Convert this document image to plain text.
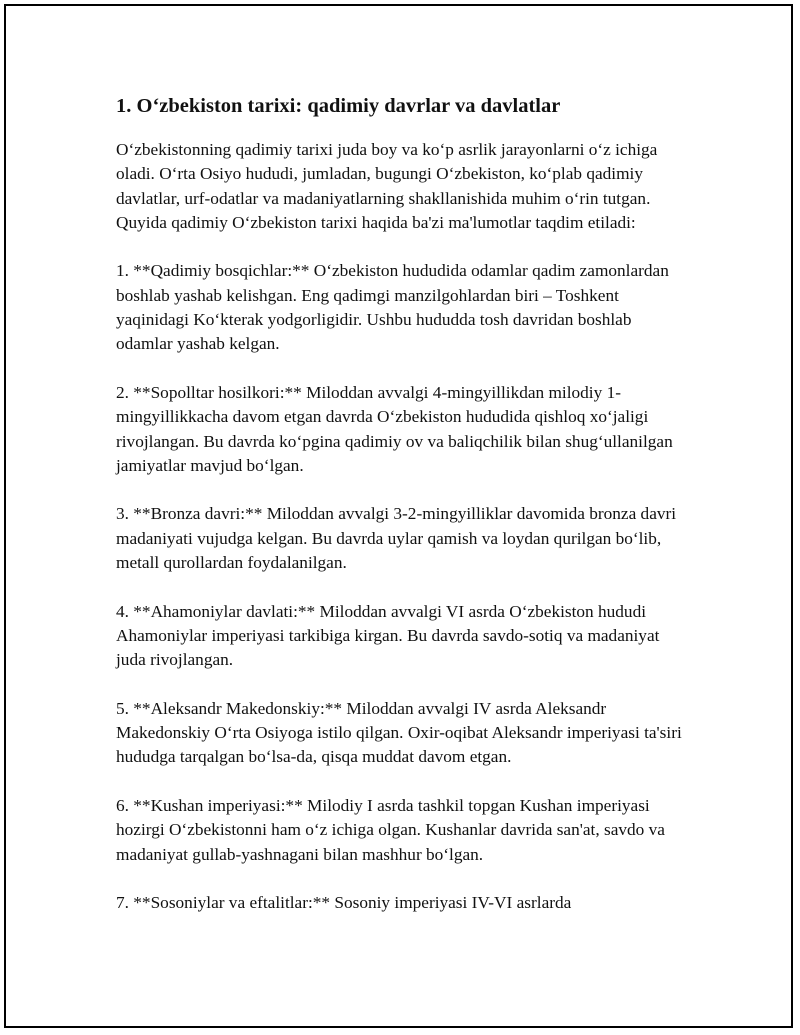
1. O‘zbekiston tarixi: qadimiy davrlar va davlatlar

O‘zbekistonning qadimiy tarixi juda boy va ko‘p asrlik jarayonlarni o‘z ichiga oladi. O‘rta Osiyo hududi, jumladan, bugungi O‘zbekiston, ko‘plab qadimiy davlatlar, urf-odatlar va madaniyatlarning shakllanishida muhim o‘rin tutgan. Quyida qadimiy O‘zbekiston tarixi haqida ba'zi ma'lumotlar taqdim etiladi:

1. **Qadimiy bosqichlar:** O‘zbekiston hududida odamlar qadim zamonlardan boshlab yashab kelishgan. Eng qadimgi manzilgohlardan biri – Toshkent yaqinidagi Ko‘kterak yodgorligidir. Ushbu hududda tosh davridan boshlab odamlar yashab kelgan.

2. **Sopolltar hosilkori:** Miloddan avvalgi 4-mingyillikdan milodiy 1-mingyillikkacha davom etgan davrda O‘zbekiston hududida qishloq xo‘jaligi rivojlangan. Bu davrda ko‘pgina qadimiy ov va baliqchilik bilan shug‘ullanilgan jamiyatlar mavjud bo‘lgan.

3. **Bronza davri:** Miloddan avvalgi 3-2-mingyilliklar davomida bronza davri madaniyati vujudga kelgan. Bu davrda uylar qamish va loydan qurilgan bo‘lib, metall qurollardan foydalanilgan.

4. **Ahamoniylar davlati:** Miloddan avvalgi VI asrda O‘zbekiston hududi Ahamoniylar imperiyasi tarkibiga kirgan. Bu davrda savdo-sotiq va madaniyat juda rivojlangan.

5. **Aleksandr Makedonskiy:** Miloddan avvalgi IV asrda Aleksandr Makedonskiy O‘rta Osiyoga istilo qilgan. Oxir-oqibat Aleksandr imperiyasi ta'siri hududga tarqalgan bo‘lsa-da, qisqa muddat davom etgan.

6. **Kushan imperiyasi:** Milodiy I asrda tashkil topgan Kushan imperiyasi hozirgi O‘zbekistonni ham o‘z ichiga olgan. Kushanlar davrida san'at, savdo va madaniyat gullab-yashnagani bilan mashhur bo‘lgan.

7. **Sosoniylar va eftalitlar:** Sosoniy imperiyasi IV-VI asrlarda
